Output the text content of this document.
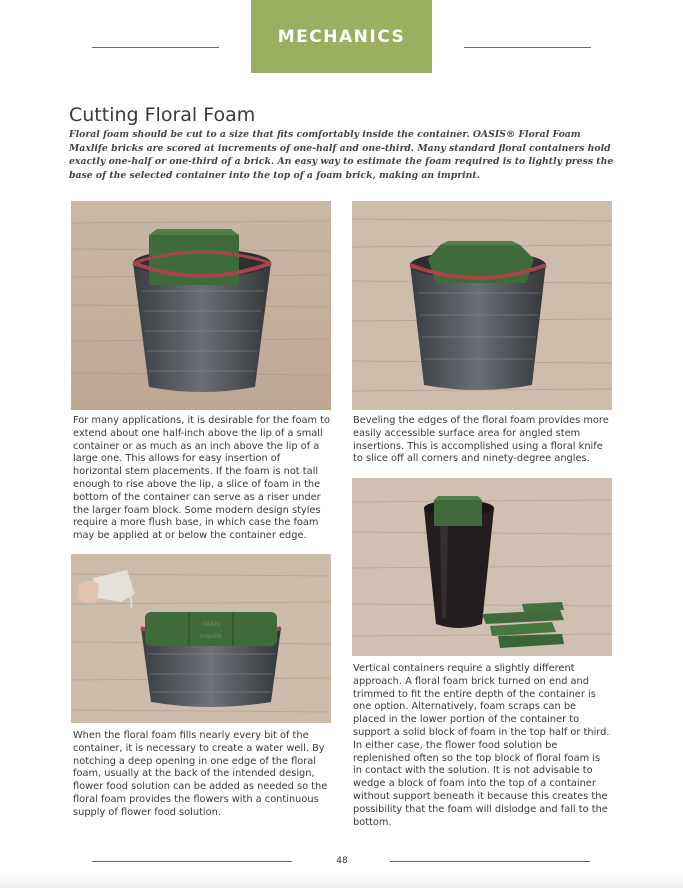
MECHANICS
Cutting Floral Foam

Floral foam should be cut to a size that fits comfortably inside the container. OASIS® Floral Foam Maxlife bricks are scored at increments of one-half and one-third. Many standard floral containers hold exactly one-half or one-third of a brick. An easy way to estimate the foam required is to lightly press the base of the selected container into the top of a foam brick, making an imprint.

For many applications, it is desirable for the foam to extend about one half-inch above the lip of a small container or as much as an inch above the lip of a large one. This allows for easy insertion of horizontal stem placements. If the foam is not tall enough to rise above the lip, a slice of foam in the bottom of the container can serve as a riser under the larger foam block. Some modern design styles require a more flush base, in which case the foam may be applied at or below the container edge.

Beveling the edges of the floral foam provides more easily accessible surface area for angled stem insertions. This is accomplished using a floral knife to slice off all corners and ninety-degree angles.

OASIS
maxlife

Vertical containers require a slightly different approach. A floral foam brick turned on end and trimmed to fit the entire depth of the container is one option. Alternatively, foam scraps can be placed in the lower portion of the container to support a solid block of foam in the top half or third. In either case, the flower food solution be replenished often so the top block of floral foam is in contact with the solution. It is not advisable to wedge a block of foam into the top of a container without support beneath it because this creates the possibility that the foam will dislodge and fall to the bottom.

When the floral foam fills nearly every bit of the container, it is necessary to create a water well. By notching a deep opening in one edge of the floral foam, usually at the back of the intended design, flower food solution can be added as needed so the floral foam provides the flowers with a continuous supply of flower food solution.

48
